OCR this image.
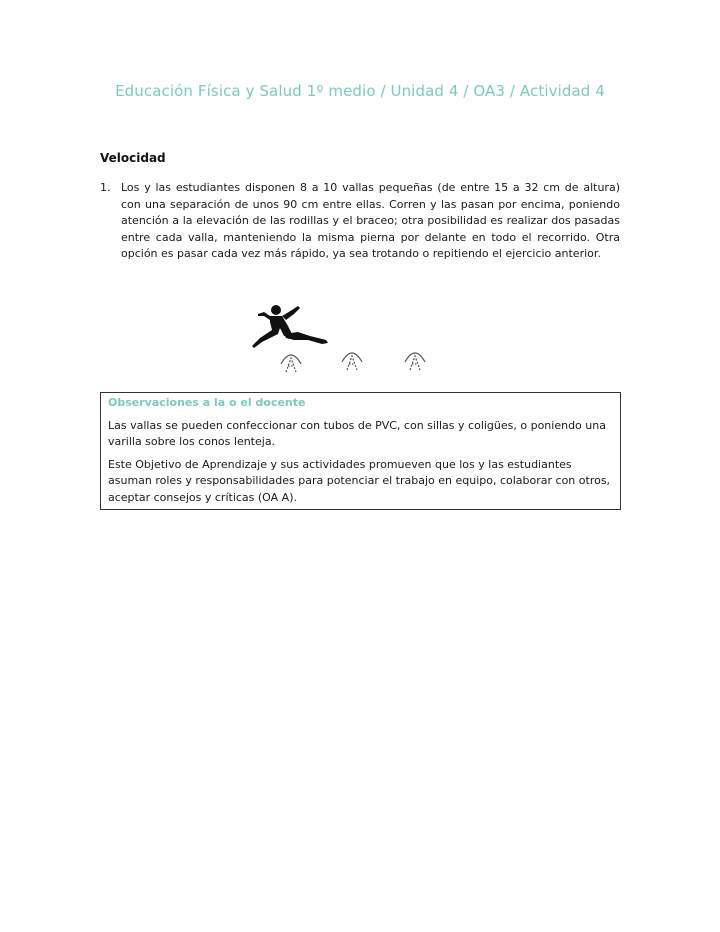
Educación Física y Salud 1º medio / Unidad 4 / OA3 / Actividad 4
Velocidad
1. Los y las estudiantes disponen 8 a 10 vallas pequeñas (de entre 15 a 32 cm de altura) con una separación de unos 90 cm entre ellas. Corren y las pasan por encima, poniendo atención a la elevación de las rodillas y el braceo; otra posibilidad es realizar dos pasadas entre cada valla, manteniendo la misma pierna por delante en todo el recorrido. Otra opción es pasar cada vez más rápido, ya sea trotando o repitiendo el ejercicio anterior.
Observaciones a la o el docente

Las vallas se pueden confeccionar con tubos de PVC, con sillas y coligües, o poniendo una varilla sobre los conos lenteja.

Este Objetivo de Aprendizaje y sus actividades promueven que los y las estudiantes asuman roles y responsabilidades para potenciar el trabajo en equipo, colaborar con otros, aceptar consejos y críticas (OA A).
